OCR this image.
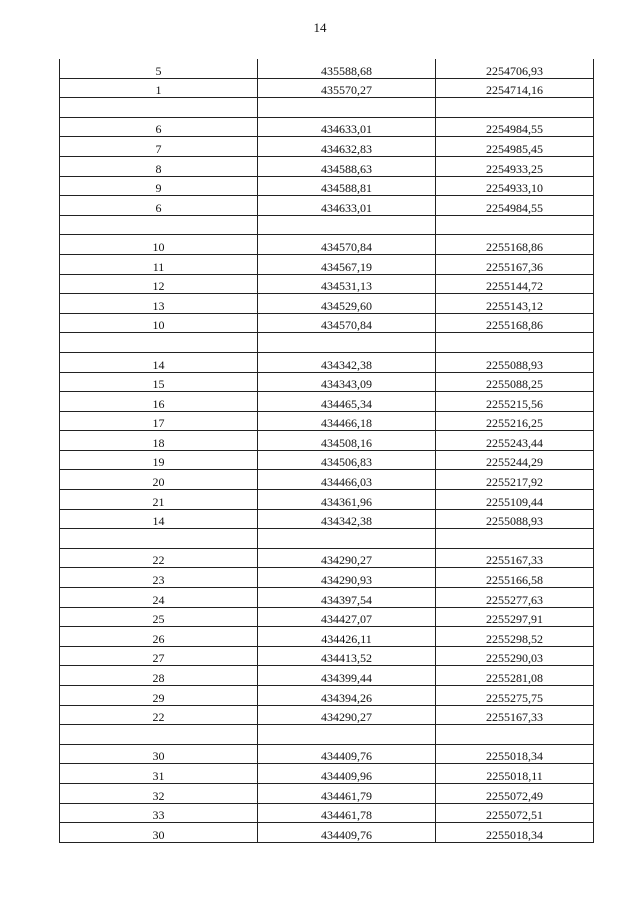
14
5	435588,68	2254706,93
1	435570,27	2254714,16

6	434633,01	2254984,55
7	434632,83	2254985,45
8	434588,63	2254933,25
9	434588,81	2254933,10
6	434633,01	2254984,55

10	434570,84	2255168,86
11	434567,19	2255167,36
12	434531,13	2255144,72
13	434529,60	2255143,12
10	434570,84	2255168,86

14	434342,38	2255088,93
15	434343,09	2255088,25
16	434465,34	2255215,56
17	434466,18	2255216,25
18	434508,16	2255243,44
19	434506,83	2255244,29
20	434466,03	2255217,92
21	434361,96	2255109,44
14	434342,38	2255088,93

22	434290,27	2255167,33
23	434290,93	2255166,58
24	434397,54	2255277,63
25	434427,07	2255297,91
26	434426,11	2255298,52
27	434413,52	2255290,03
28	434399,44	2255281,08
29	434394,26	2255275,75
22	434290,27	2255167,33

30	434409,76	2255018,34
31	434409,96	2255018,11
32	434461,79	2255072,49
33	434461,78	2255072,51
30	434409,76	2255018,34
